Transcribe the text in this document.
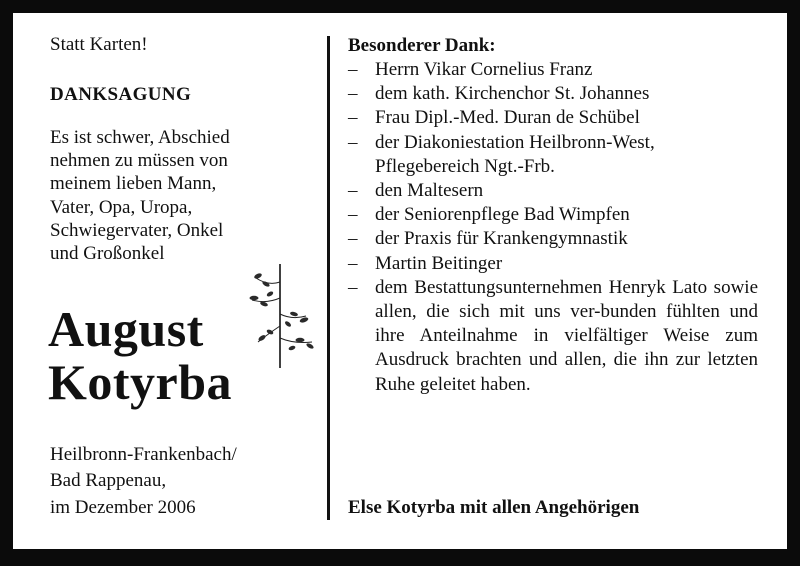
Statt Karten!
DANKSAGUNG
Es ist schwer, Abschied
nehmen zu müssen von
meinem lieben Mann,
Vater, Opa, Uropa,
Schwiegervater, Onkel
und Großonkel
August
Kotyrba
Heilbronn-Frankenbach/
Bad Rappenau,
im Dezember 2006
Besonderer Dank:
– Herrn Vikar Cornelius Franz
– dem kath. Kirchenchor St. Johannes
– Frau Dipl.-Med. Duran de Schübel
– der Diakoniestation Heilbronn-West,
Pflegebereich Ngt.-Frb.
– den Maltesern
– der Seniorenpflege Bad Wimpfen
– der Praxis für Krankengymnastik
– Martin Beitinger
– dem Bestattungsunternehmen Henryk Lato sowie allen, die sich mit uns ver-bunden fühlten und ihre Anteilnahme in vielfältiger Weise zum Ausdruck brachten und allen, die ihn zur letzten Ruhe geleitet haben.
Else Kotyrba mit allen Angehörigen
